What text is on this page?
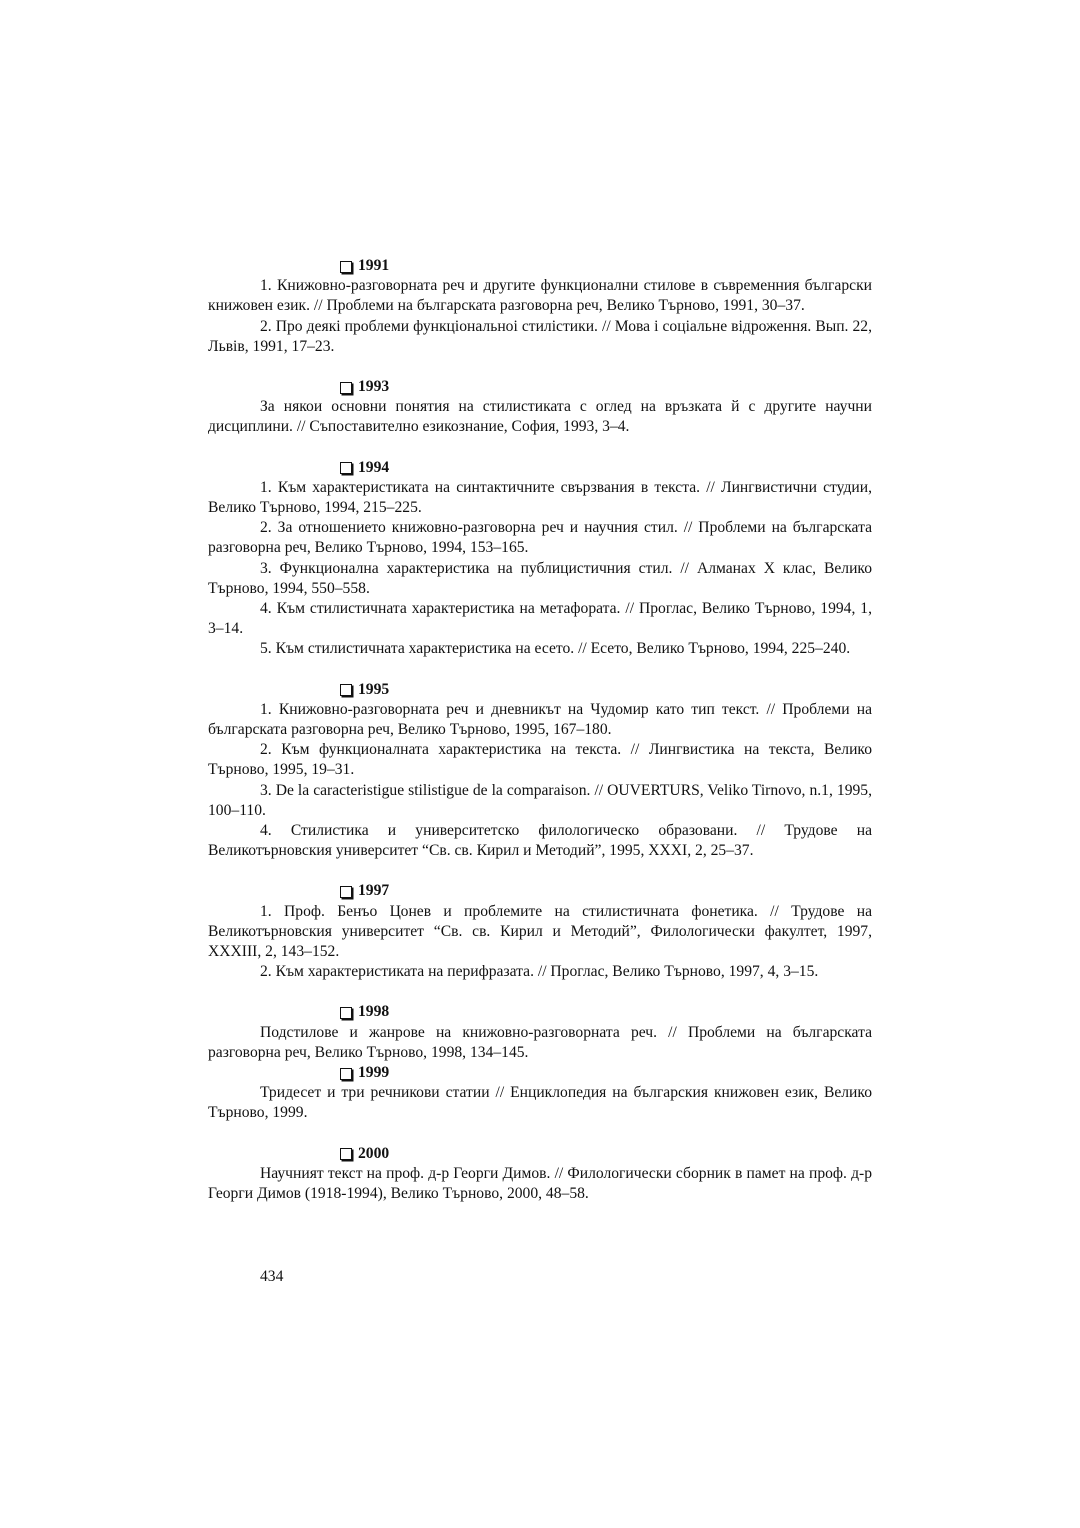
1991

1. Книжовно-разговорната реч и другите функционални стилове в съвременния български книжовен език. // Проблеми на българската разговорна реч, Велико Търново, 1991, 30–37.

2. Про деякі проблеми функціональноі стилістики. // Мова і соціальне відроження. Вып. 22, Львів, 1991, 17–23.

1993

За някои основни понятия на стилистиката с оглед на връзката й с другите научни дисциплини. // Съпоставително езикознание, София, 1993, 3–4.

1994

1. Към характеристиката на синтактичните свързвания в текста. // Лингвистични студии, Велико Търново, 1994, 215–225.

2. За отношението книжовно-разговорна реч и научния стил. // Проблеми на българската разговорна реч, Велико Търново, 1994, 153–165.

3. Функционална характеристика на публицистичния стил. // Алманах Х клас, Велико Търново, 1994, 550–558.

4. Към стилистичната характеристика на метафората. // Проглас, Велико Търново, 1994, 1, 3–14.

5. Към стилистичната характеристика на есето. // Есето, Велико Търново, 1994, 225–240.

1995

1. Книжовно-разговорната реч и дневникът на Чудомир като тип текст. // Проблеми на българската разговорна реч, Велико Търново, 1995, 167–180.

2. Към функционалната характеристика на текста. // Лингвистика на текста, Велико Търново, 1995, 19–31.

3. De la caracteristigue stilistigue de la comparaison. // OUVERTURS, Veliko Tirnovo, n.1, 1995, 100–110.

4. Стилистика и университетско филологическо образовани. // Трудове на Великотърновския университет “Св. св. Кирил и Методий”, 1995, ХХХI, 2, 25–37.

1997

1. Проф. Бенъо Цонев и проблемите на стилистичната фонетика. // Трудове на Великотърновския университет “Св. св. Кирил и Методий”, Филологически факултет, 1997, ХХХIII, 2, 143–152.

2. Към характеристиката на перифразата. // Проглас, Велико Търново, 1997, 4, 3–15.

1998

Подстилове и жанрове на книжовно-разговорната реч. // Проблеми на българската разговорна реч, Велико Търново, 1998, 134–145.

1999

Тридесет и три речникови статии // Енциклопедия на българския книжовен език, Велико Търново, 1999.

2000

Научният текст на проф. д-р Георги Димов. // Филологически сборник в памет на проф. д-р Георги Димов (1918-1994), Велико Търново, 2000, 48–58.

434
